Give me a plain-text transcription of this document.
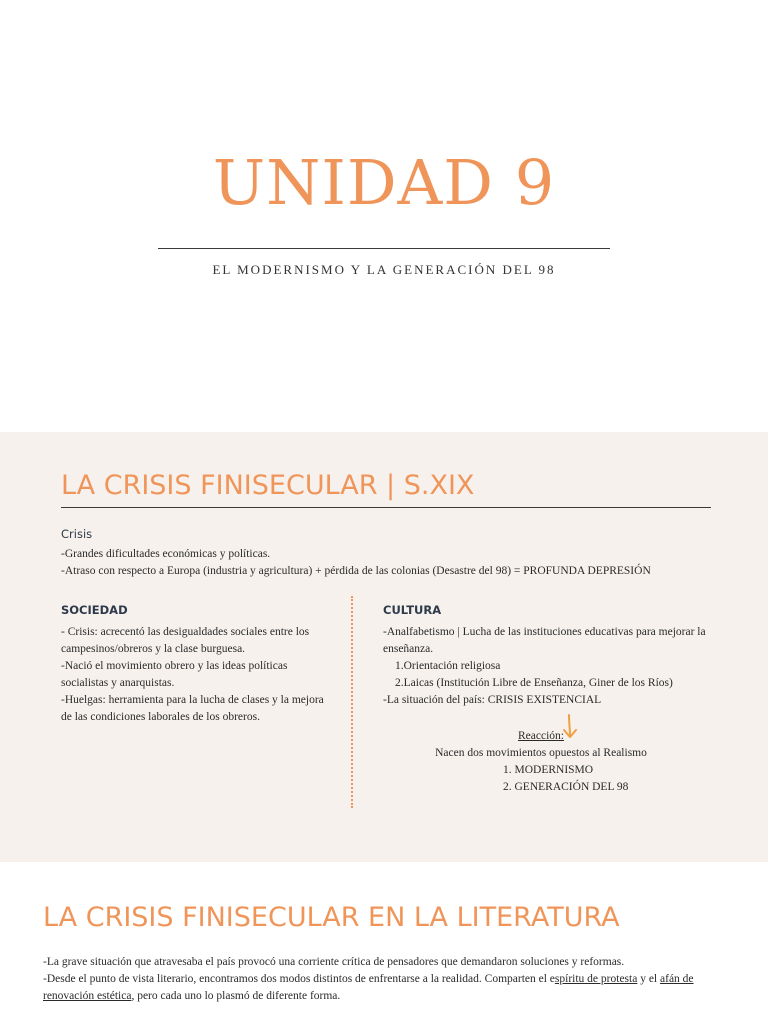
UNIDAD 9
EL MODERNISMO Y LA GENERACIÓN DEL 98
LA CRISIS FINISECULAR | S.XIX
Crisis

-Grandes dificultades económicas y políticas.

-Atraso con respecto a Europa (industria y agricultura) + pérdida de las colonias (Desastre del 98) = PROFUNDA DEPRESIÓN

SOCIEDAD

- Crisis: acrecentó las desigualdades sociales entre los campesinos/obreros y la clase burguesa.

-Nació el movimiento obrero y las ideas políticas socialistas y anarquistas.

-Huelgas: herramienta para la lucha de clases y la mejora de las condiciones laborales de los obreros.

CULTURA

-Analfabetismo | Lucha de las instituciones educativas para mejorar la enseñanza.

1.Orientación religiosa

2.Laicas (Institución Libre de Enseñanza, Giner de los Ríos)

-La situación del país: CRISIS EXISTENCIAL

Reacción:
Nacen dos movimientos opuestos al Realismo

1. MODERNISMO

2. GENERACIÓN DEL 98

LA CRISIS FINISECULAR EN LA LITERATURA

-La grave situación que atravesaba el país provocó una corriente crítica de pensadores que demandaron soluciones y reformas.

-Desde el punto de vista literario, encontramos dos modos distintos de enfrentarse a la realidad. Comparten el espíritu de protesta y el afán de renovación estética, pero cada uno lo plasmó de diferente forma.
